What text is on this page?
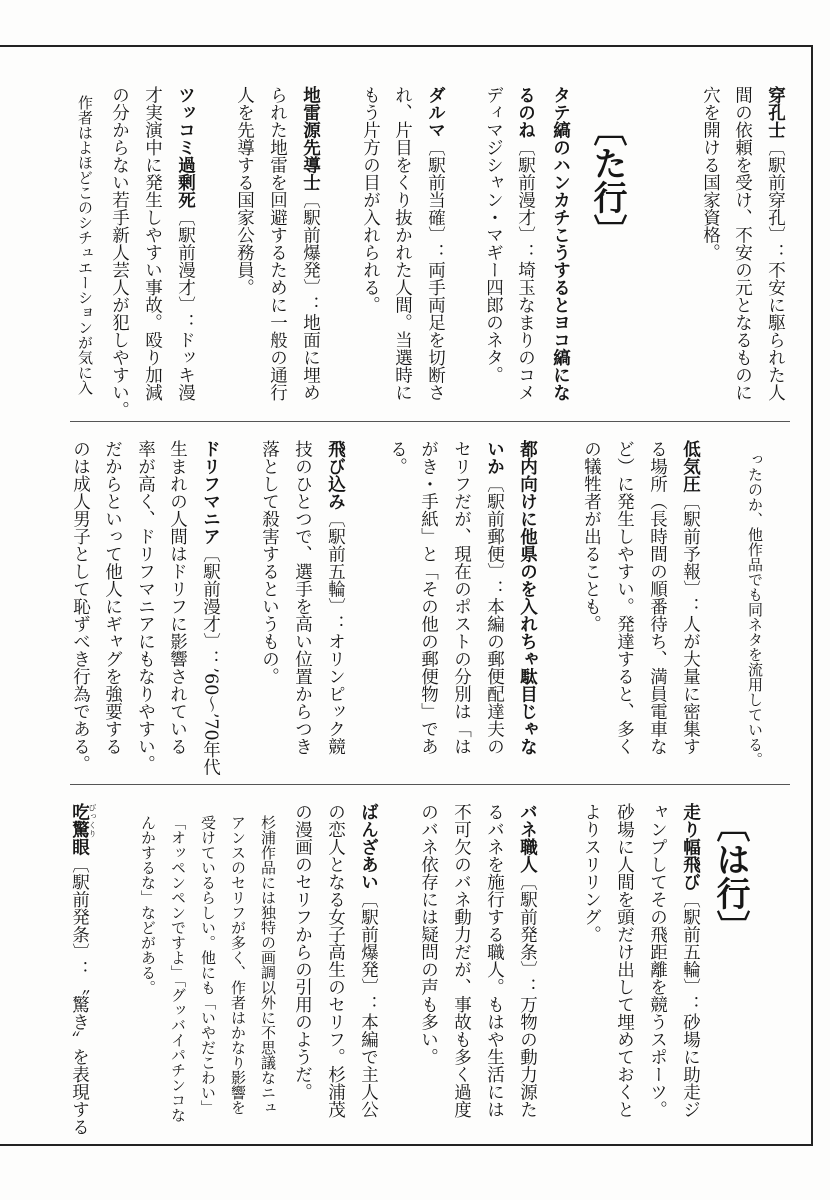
穿孔士〔駅前穿孔〕：不安に駆られた人
間の依頼を受け、不安の元となるものに
穴を開ける国家資格。
〔た行〕
タテ縞のハンカチこうするとヨコ縞にな
るのね〔駅前漫才〕：埼玉なまりのコメ
ディマジシャン・マギー四郎のネタ。
ダルマ〔駅前当確〕：両手両足を切断さ
れ、片目をくり抜かれた人間。当選時に
もう片方の目が入れられる。
地雷源先導士〔駅前爆発〕：地面に埋め
られた地雷を回避するために一般の通行
人を先導する国家公務員。
ツッコミ過剰死〔駅前漫才〕：ドッキ漫
才実演中に発生しやすい事故。殴り加減
の分からない若手新人芸人が犯しやすい。
作者はよほどこのシチュエーションが気に入
ったのか、他作品でも同ネタを流用している。
低気圧〔駅前予報〕：人が大量に密集す
る場所（長時間の順番待ち、満員電車な
ど）に発生しやすい。発達すると、多く
の犠牲者が出ることも。
都内向けに他県のを入れちゃ駄目じゃな
いか〔駅前郵便〕：本編の郵便配達夫の
セリフだが、現在のポストの分別は「は
がき・手紙」と「その他の郵便物」であ
る。
飛び込み〔駅前五輪〕：オリンピック競
技のひとつで、選手を高い位置からつき
落として殺害するというもの。
ドリフマニア〔駅前漫才〕：’60〜’70年代
生まれの人間はドリフに影響されている
率が高く、ドリフマニアにもなりやすい。
だからといって他人にギャグを強要する
のは成人男子として恥ずべき行為である。
〔は行〕
走り幅飛び〔駅前五輪〕：砂場に助走ジ
ャンプしてその飛距離を競うスポーツ。
砂場に人間を頭だけ出して埋めておくと
よりスリリング。
バネ職人〔駅前発条〕：万物の動力源た
るバネを施行する職人。もはや生活には
不可欠のバネ動力だが、事故も多く過度
のバネ依存には疑問の声も多い。
ばんざあい〔駅前爆発〕：本編で主人公
の恋人となる女子高生のセリフ。杉浦茂
の漫画のセリフからの引用のようだ。
杉浦作品には独特の画調以外に不思議なニュ
アンスのセリフが多く、作者はかなり影響を
受けているらしい。他にも「いやだこわい」
「オッペンペンですよ」「グッバイパチンコな
んかするな」などがある。
吃驚びっくり眼〔駅前発条〕：〝驚き〟を表現する
